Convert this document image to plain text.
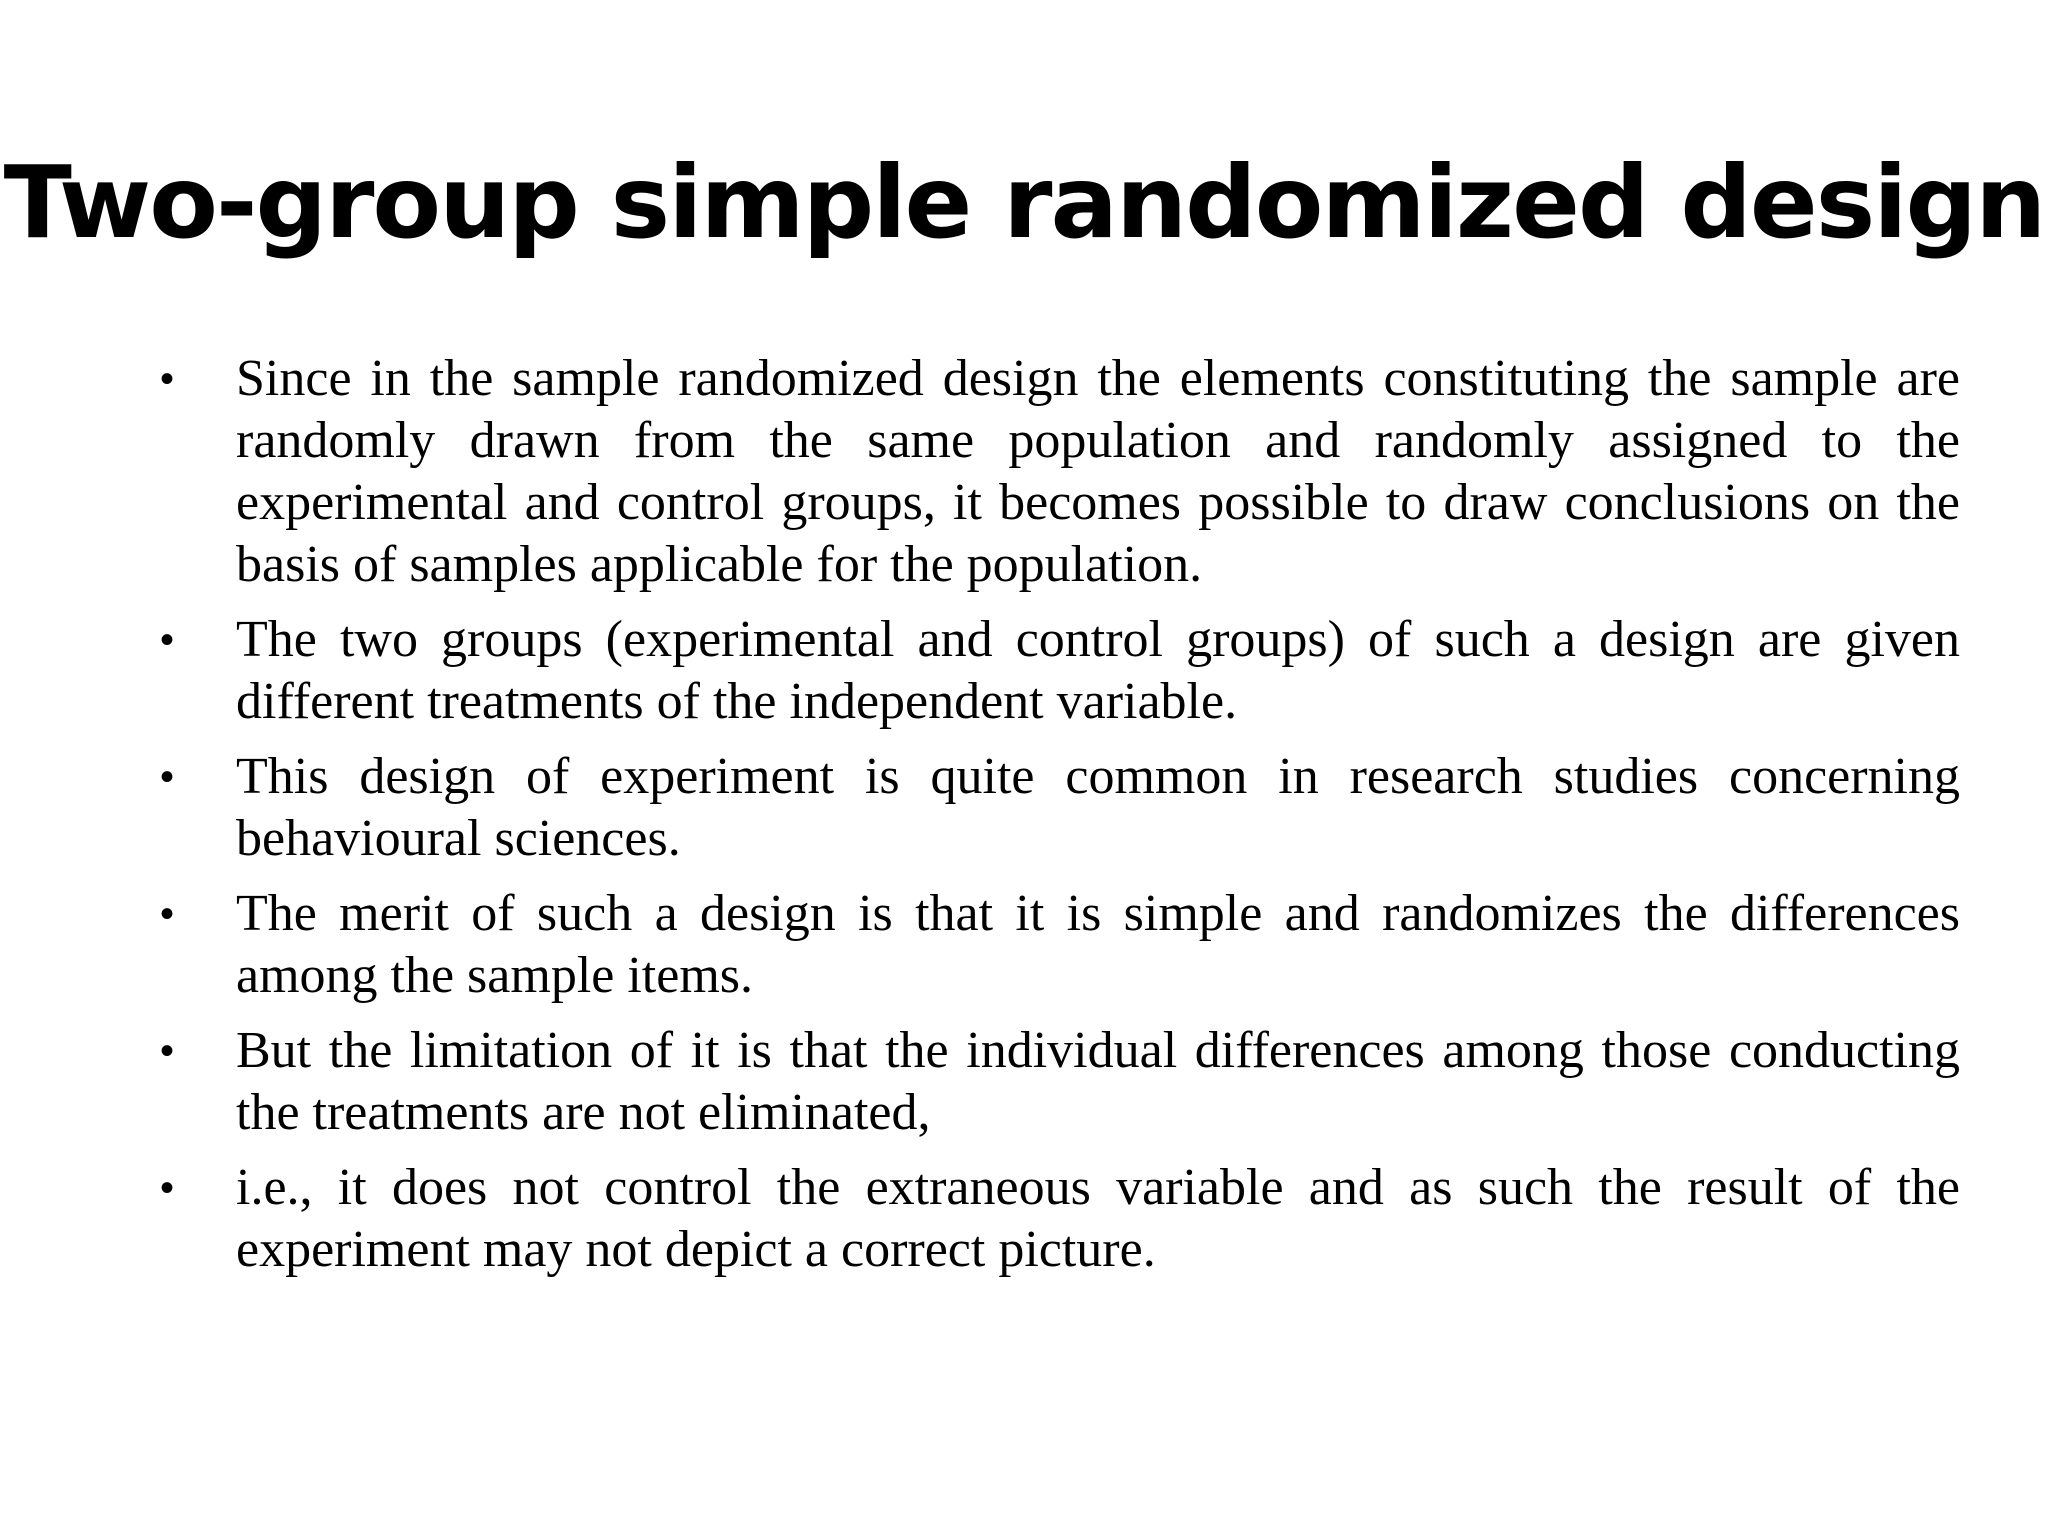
Two-group simple randomized design
• Since in the sample randomized design the elements constituting the sample are randomly drawn from the same population and randomly assigned to the experimental and control groups, it becomes possible to draw conclusions on the basis of samples applicable for the population.
• The two groups (experimental and control groups) of such a design are given different treatments of the independent variable.
• This design of experiment is quite common in research studies concerning behavioural sciences.
• The merit of such a design is that it is simple and randomizes the differences among the sample items.
• But the limitation of it is that the individual differences among those conducting the treatments are not eliminated,
• i.e., it does not control the extraneous variable and as such the result of the experiment may not depict a correct picture.
